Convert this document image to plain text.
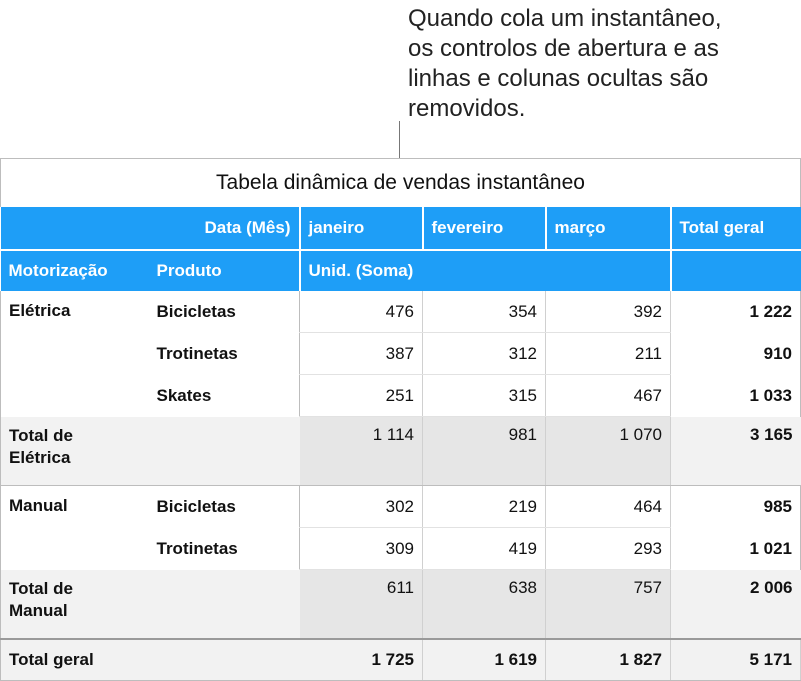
Quando cola um instantâneo,
os controlos de abertura e as
linhas e colunas ocultas são
removidos.
Tabela dinâmica de vendas instantâneo					
	Data (Mês)	janeiro	fevereiro	março	Total geral
Motorização	Produto	Unid. (Soma)			
Elétrica	Bicicletas	476	354	392	1 222
	Trotinetas	387	312	211	910
	Skates	251	315	467	1 033
Total de
Elétrica		1 114	981	1 070	3 165
Manual	Bicicletas	302	219	464	985
	Trotinetas	309	419	293	1 021
Total de
Manual		611	638	757	2 006
Total geral		1 725	1 619	1 827	5 171
